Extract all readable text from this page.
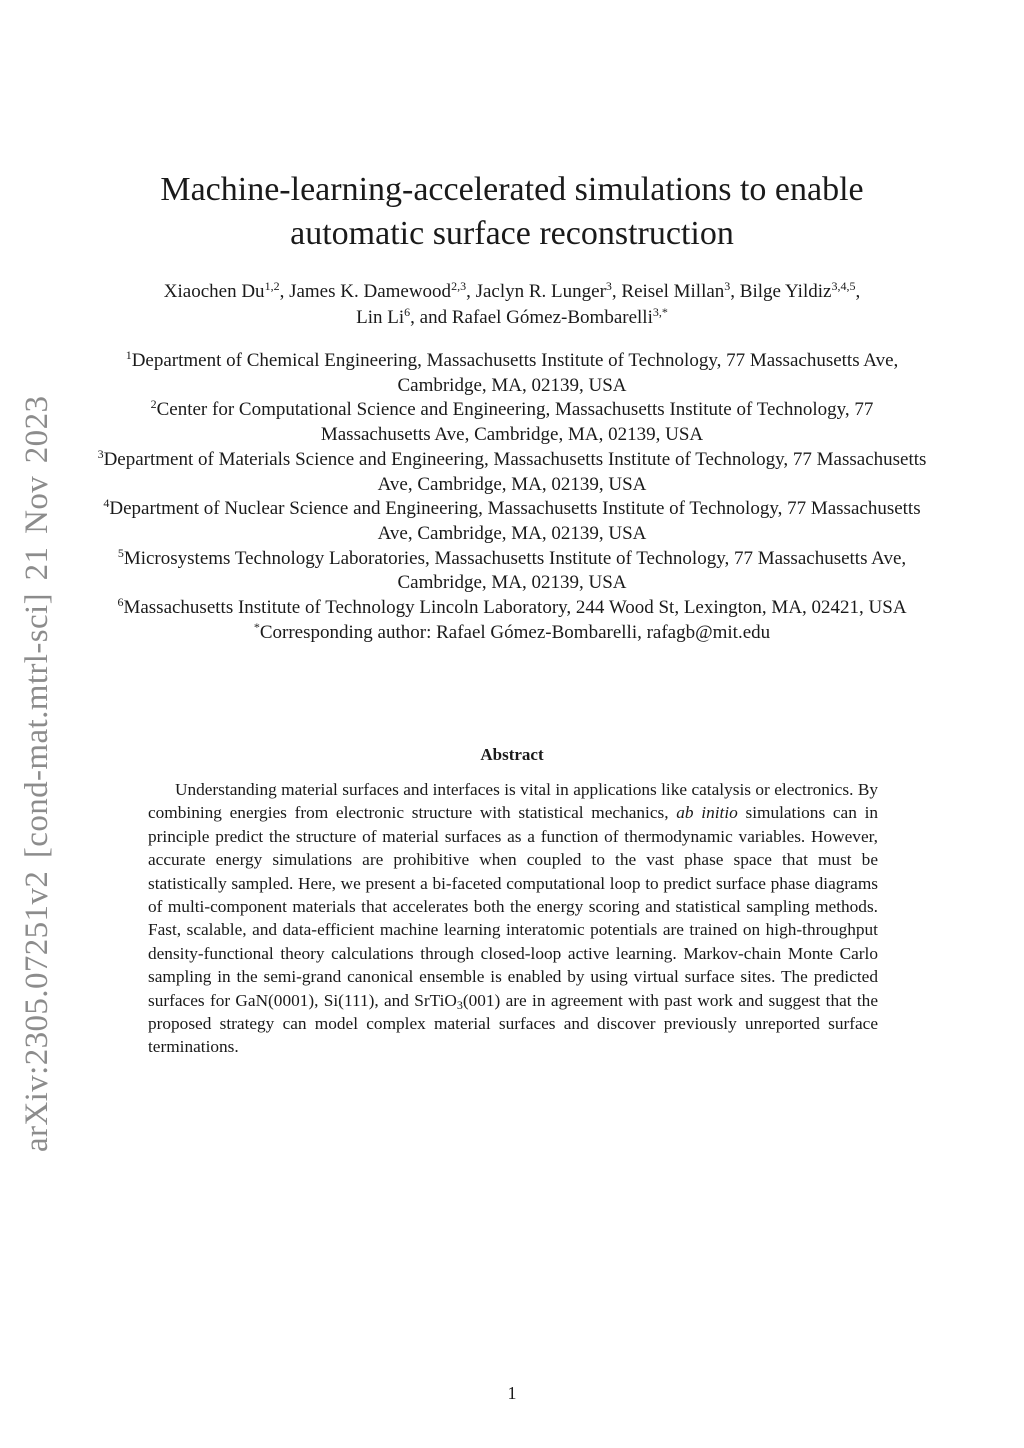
arXiv:2305.07251v2 [cond-mat.mtrl-sci] 21 Nov 2023
Machine-learning-accelerated simulations to enable
automatic surface reconstruction
Xiaochen Du$^{1,2}$, James K. Damewood$^{2,3}$, Jaclyn R. Lunger$^3$, Reisel Millan$^3$, Bilge Yildiz$^{3,4,5}$,
Lin Li$^6$, and Rafael Gómez-Bombarelli$^{3,*}$

$^1$Department of Chemical Engineering, Massachusetts Institute of Technology, 77 Massachusetts Ave, Cambridge, MA, 02139, USA

$^2$Center for Computational Science and Engineering, Massachusetts Institute of Technology, 77 Massachusetts Ave, Cambridge, MA, 02139, USA

$^3$Department of Materials Science and Engineering, Massachusetts Institute of Technology, 77 Massachusetts Ave, Cambridge, MA, 02139, USA

$^4$Department of Nuclear Science and Engineering, Massachusetts Institute of Technology, 77 Massachusetts Ave, Cambridge, MA, 02139, USA

$^5$Microsystems Technology Laboratories, Massachusetts Institute of Technology, 77 Massachusetts Ave, Cambridge, MA, 02139, USA

$^6$Massachusetts Institute of Technology Lincoln Laboratory, 244 Wood St, Lexington, MA, 02421, USA

*Corresponding author: Rafael Gómez-Bombarelli, rafagb@mit.edu

Abstract
Understanding material surfaces and interfaces is vital in applications like catalysis or electronics. By combining energies from electronic structure with statistical mechanics, ab initio simulations can in principle predict the structure of material surfaces as a function of thermodynamic variables. However, accurate energy simulations are prohibitive when coupled to the vast phase space that must be statistically sampled. Here, we present a bi-faceted computational loop to predict surface phase diagrams of multi-component materials that accelerates both the energy scoring and statistical sampling methods. Fast, scalable, and data-efficient machine learning interatomic potentials are trained on high-throughput density-functional theory calculations through closed-loop active learning. Markov-chain Monte Carlo sampling in the semi-grand canonical ensemble is enabled by using virtual surface sites. The predicted surfaces for GaN(0001), Si(111), and SrTiO$_3$(001) are in agreement with past work and suggest that the proposed strategy can model complex material surfaces and discover previously unreported surface terminations.
1
